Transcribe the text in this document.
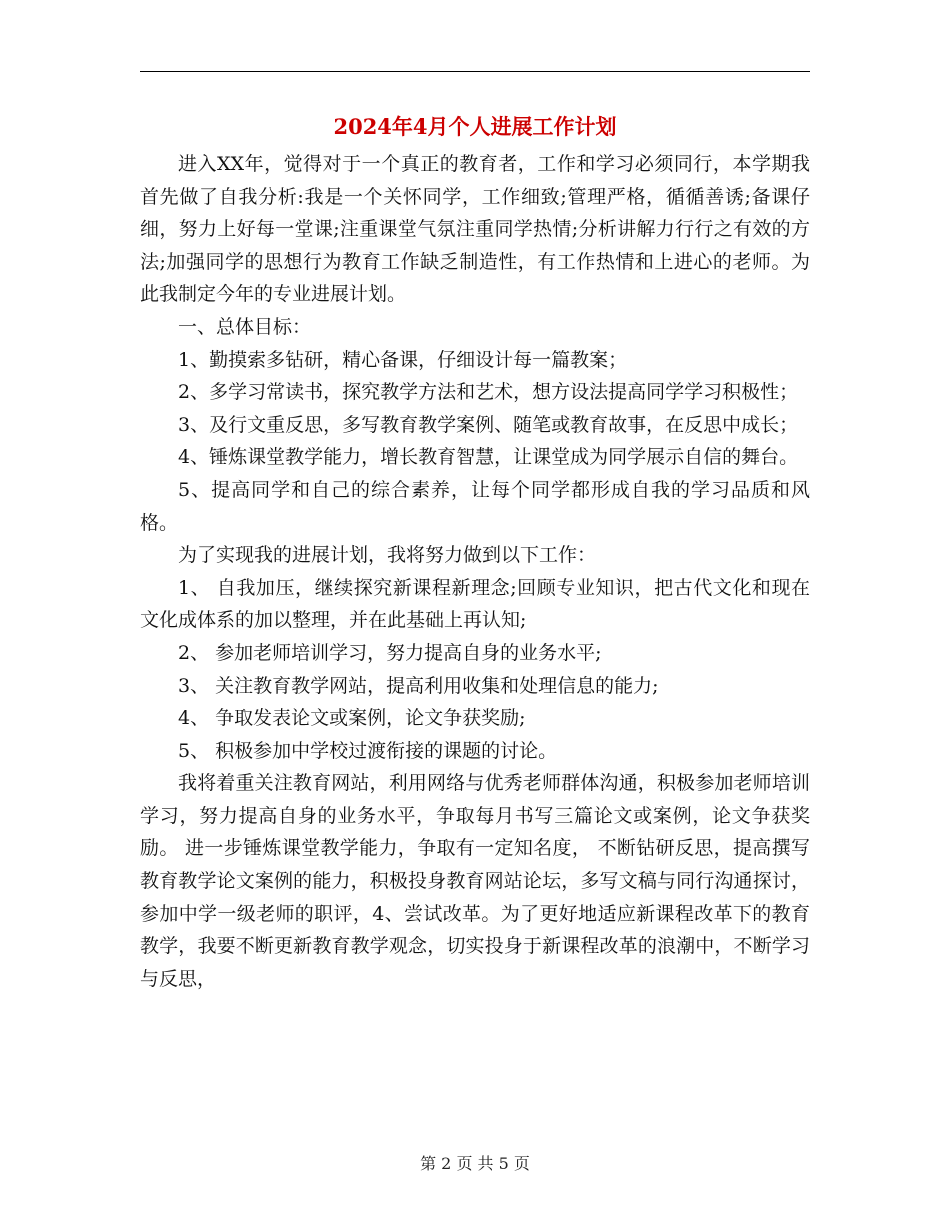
2024年4月个人进展工作计划

进入XX年，觉得对于一个真正的教育者，工作和学习必须同行，本学期我首先做了自我分析:我是一个关怀同学，工作细致;管理严格，循循善诱;备课仔细，努力上好每一堂课;注重课堂气氛注重同学热情;分析讲解力行行之有效的方法;加强同学的思想行为教育工作缺乏制造性，有工作热情和上进心的老师。为此我制定今年的专业进展计划。

一、总体目标：

1、勤摸索多钻研，精心备课，仔细设计每一篇教案；

2、多学习常读书，探究教学方法和艺术，想方设法提高同学学习积极性；

3、及行文重反思，多写教育教学案例、随笔或教育故事，在反思中成长；

4、锤炼课堂教学能力，增长教育智慧，让课堂成为同学展示自信的舞台。

5、提高同学和自己的综合素养，让每个同学都形成自我的学习品质和风格。

为了实现我的进展计划，我将努力做到以下工作：

1、 自我加压，继续探究新课程新理念;回顾专业知识，把古代文化和现在文化成体系的加以整理，并在此基础上再认知;

2、 参加老师培训学习，努力提高自身的业务水平;

3、 关注教育教学网站，提高利用收集和处理信息的能力;

4、 争取发表论文或案例，论文争获奖励;

5、 积极参加中学校过渡衔接的课题的讨论。

我将着重关注教育网站，利用网络与优秀老师群体沟通，积极参加老师培训学习，努力提高自身的业务水平，争取每月书写三篇论文或案例，论文争获奖励。 进一步锤炼课堂教学能力，争取有一定知名度， 不断钻研反思，提高撰写教育教学论文案例的能力，积极投身教育网站论坛，多写文稿与同行沟通探讨， 参加中学一级老师的职评，4、尝试改革。为了更好地适应新课程改革下的教育教学，我要不断更新教育教学观念，切实投身于新课程改革的浪潮中，不断学习与反思，

第 2 页 共 5 页
